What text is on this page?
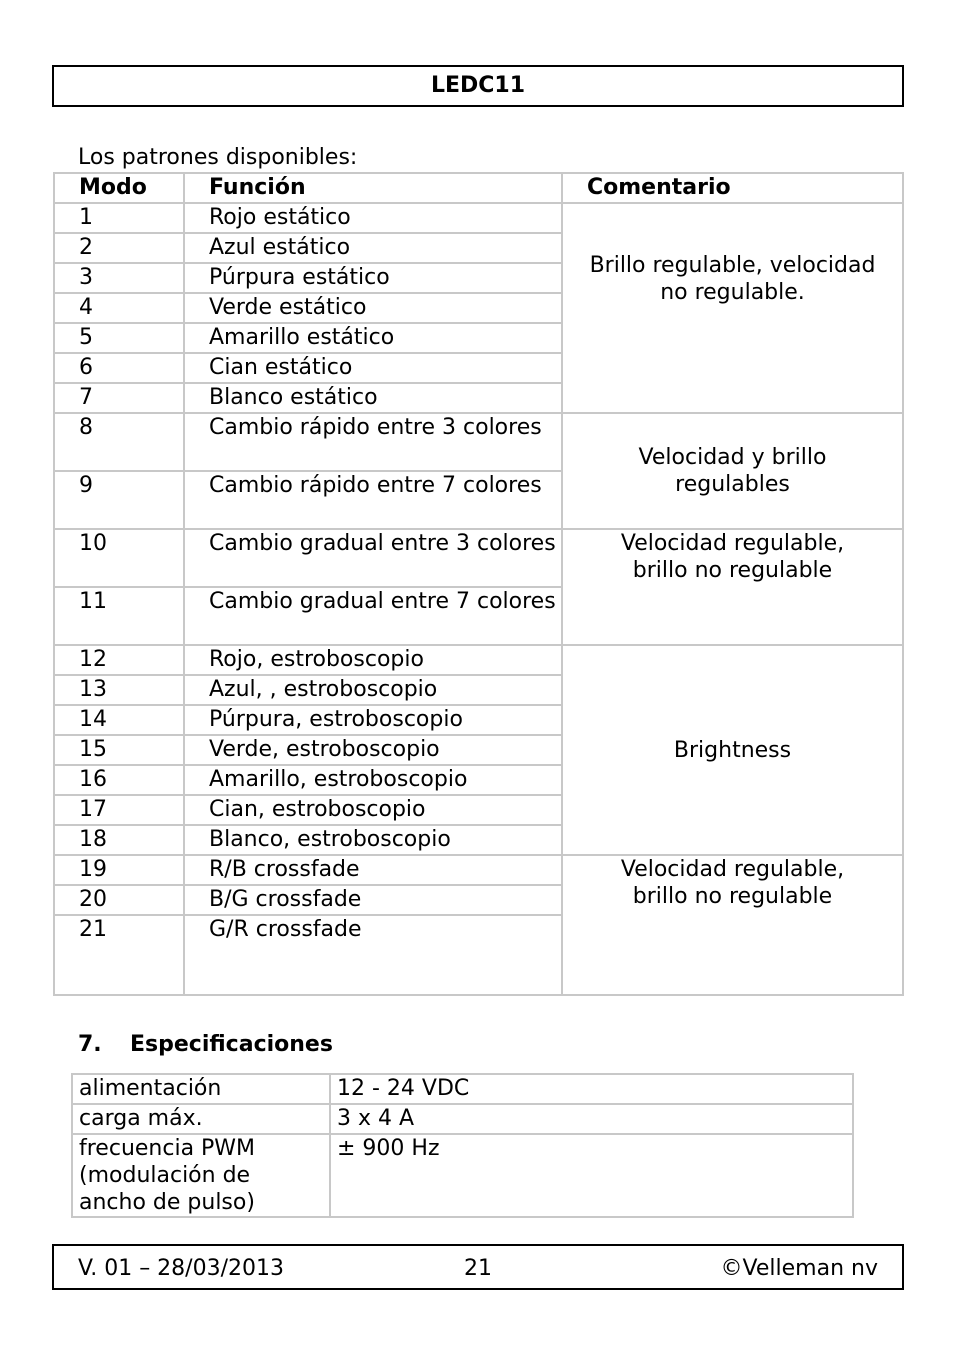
LEDC11
Los patrones disponibles:
Modo	Función	Comentario
1	Rojo estático	Brillo regulable, velocidad no regulable.
2	Azul estático	
3	Púrpura estático	
4	Verde estático	
5	Amarillo estático	
6	Cian estático	
7	Blanco estático	
8	Cambio rápido entre 3 colores	Velocidad y brillo regulables
9	Cambio rápido entre 7 colores	
10	Cambio gradual entre 3 colores	Velocidad regulable, brillo no regulable
11	Cambio gradual entre 7 colores	
12	Rojo, estroboscopio	Brightness
13	Azul, , estroboscopio	
14	Púrpura, estroboscopio	
15	Verde, estroboscopio	
16	Amarillo, estroboscopio	
17	Cian, estroboscopio	
18	Blanco, estroboscopio	
19	R/B crossfade	Velocidad regulable, brillo no regulable
20	B/G crossfade	
21	G/R crossfade	
7. Especificaciones
alimentación	12 - 24 VDC
carga máx.	3 x 4 A
frecuencia PWM (modulación de ancho de pulso)	± 900 Hz
V. 01 – 28/03/2013	21	©Velleman nv
